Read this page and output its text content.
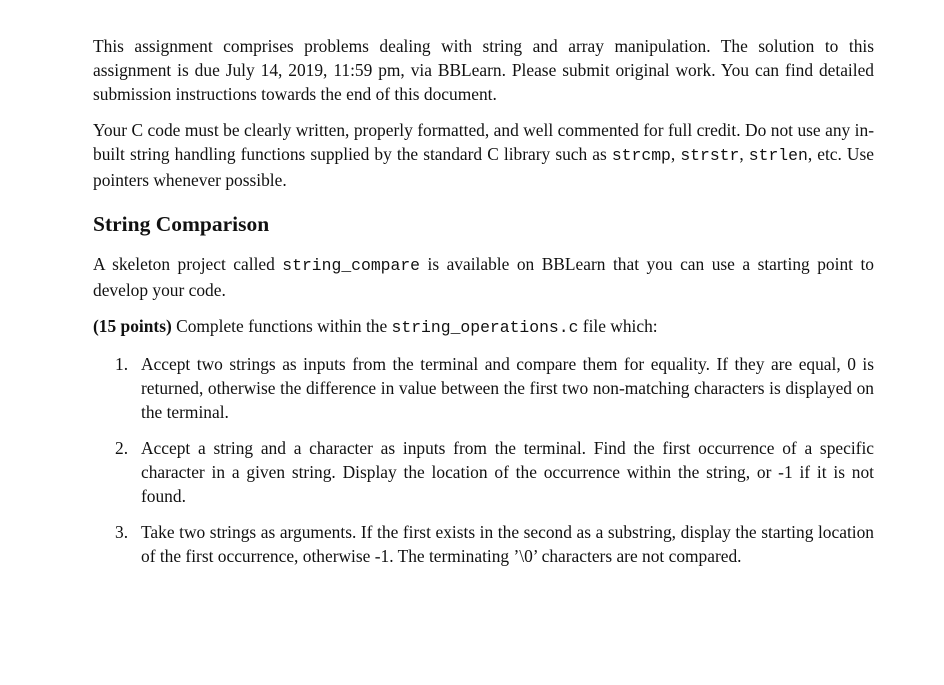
This assignment comprises problems dealing with string and array manipulation. The solution to this assignment is due July 14, 2019, 11:59 pm, via BBLearn. Please submit original work. You can find detailed submission instructions towards the end of this document.

Your C code must be clearly written, properly formatted, and well commented for full credit. Do not use any in-built string handling functions supplied by the standard C library such as strcmp, strstr, strlen, etc. Use pointers whenever possible.

String Comparison

A skeleton project called string_compare is available on BBLearn that you can use a starting point to develop your code.

(15 points) Complete functions within the string_operations.c file which:

1. Accept two strings as inputs from the terminal and compare them for equality. If they are equal, 0 is returned, otherwise the difference in value between the first two non-matching characters is displayed on the terminal.
2. Accept a string and a character as inputs from the terminal. Find the first occurrence of a specific character in a given string. Display the location of the occurrence within the string, or -1 if it is not found.
3. Take two strings as arguments. If the first exists in the second as a substring, display the starting location of the first occurrence, otherwise -1. The terminating ’\0’ characters are not compared.
